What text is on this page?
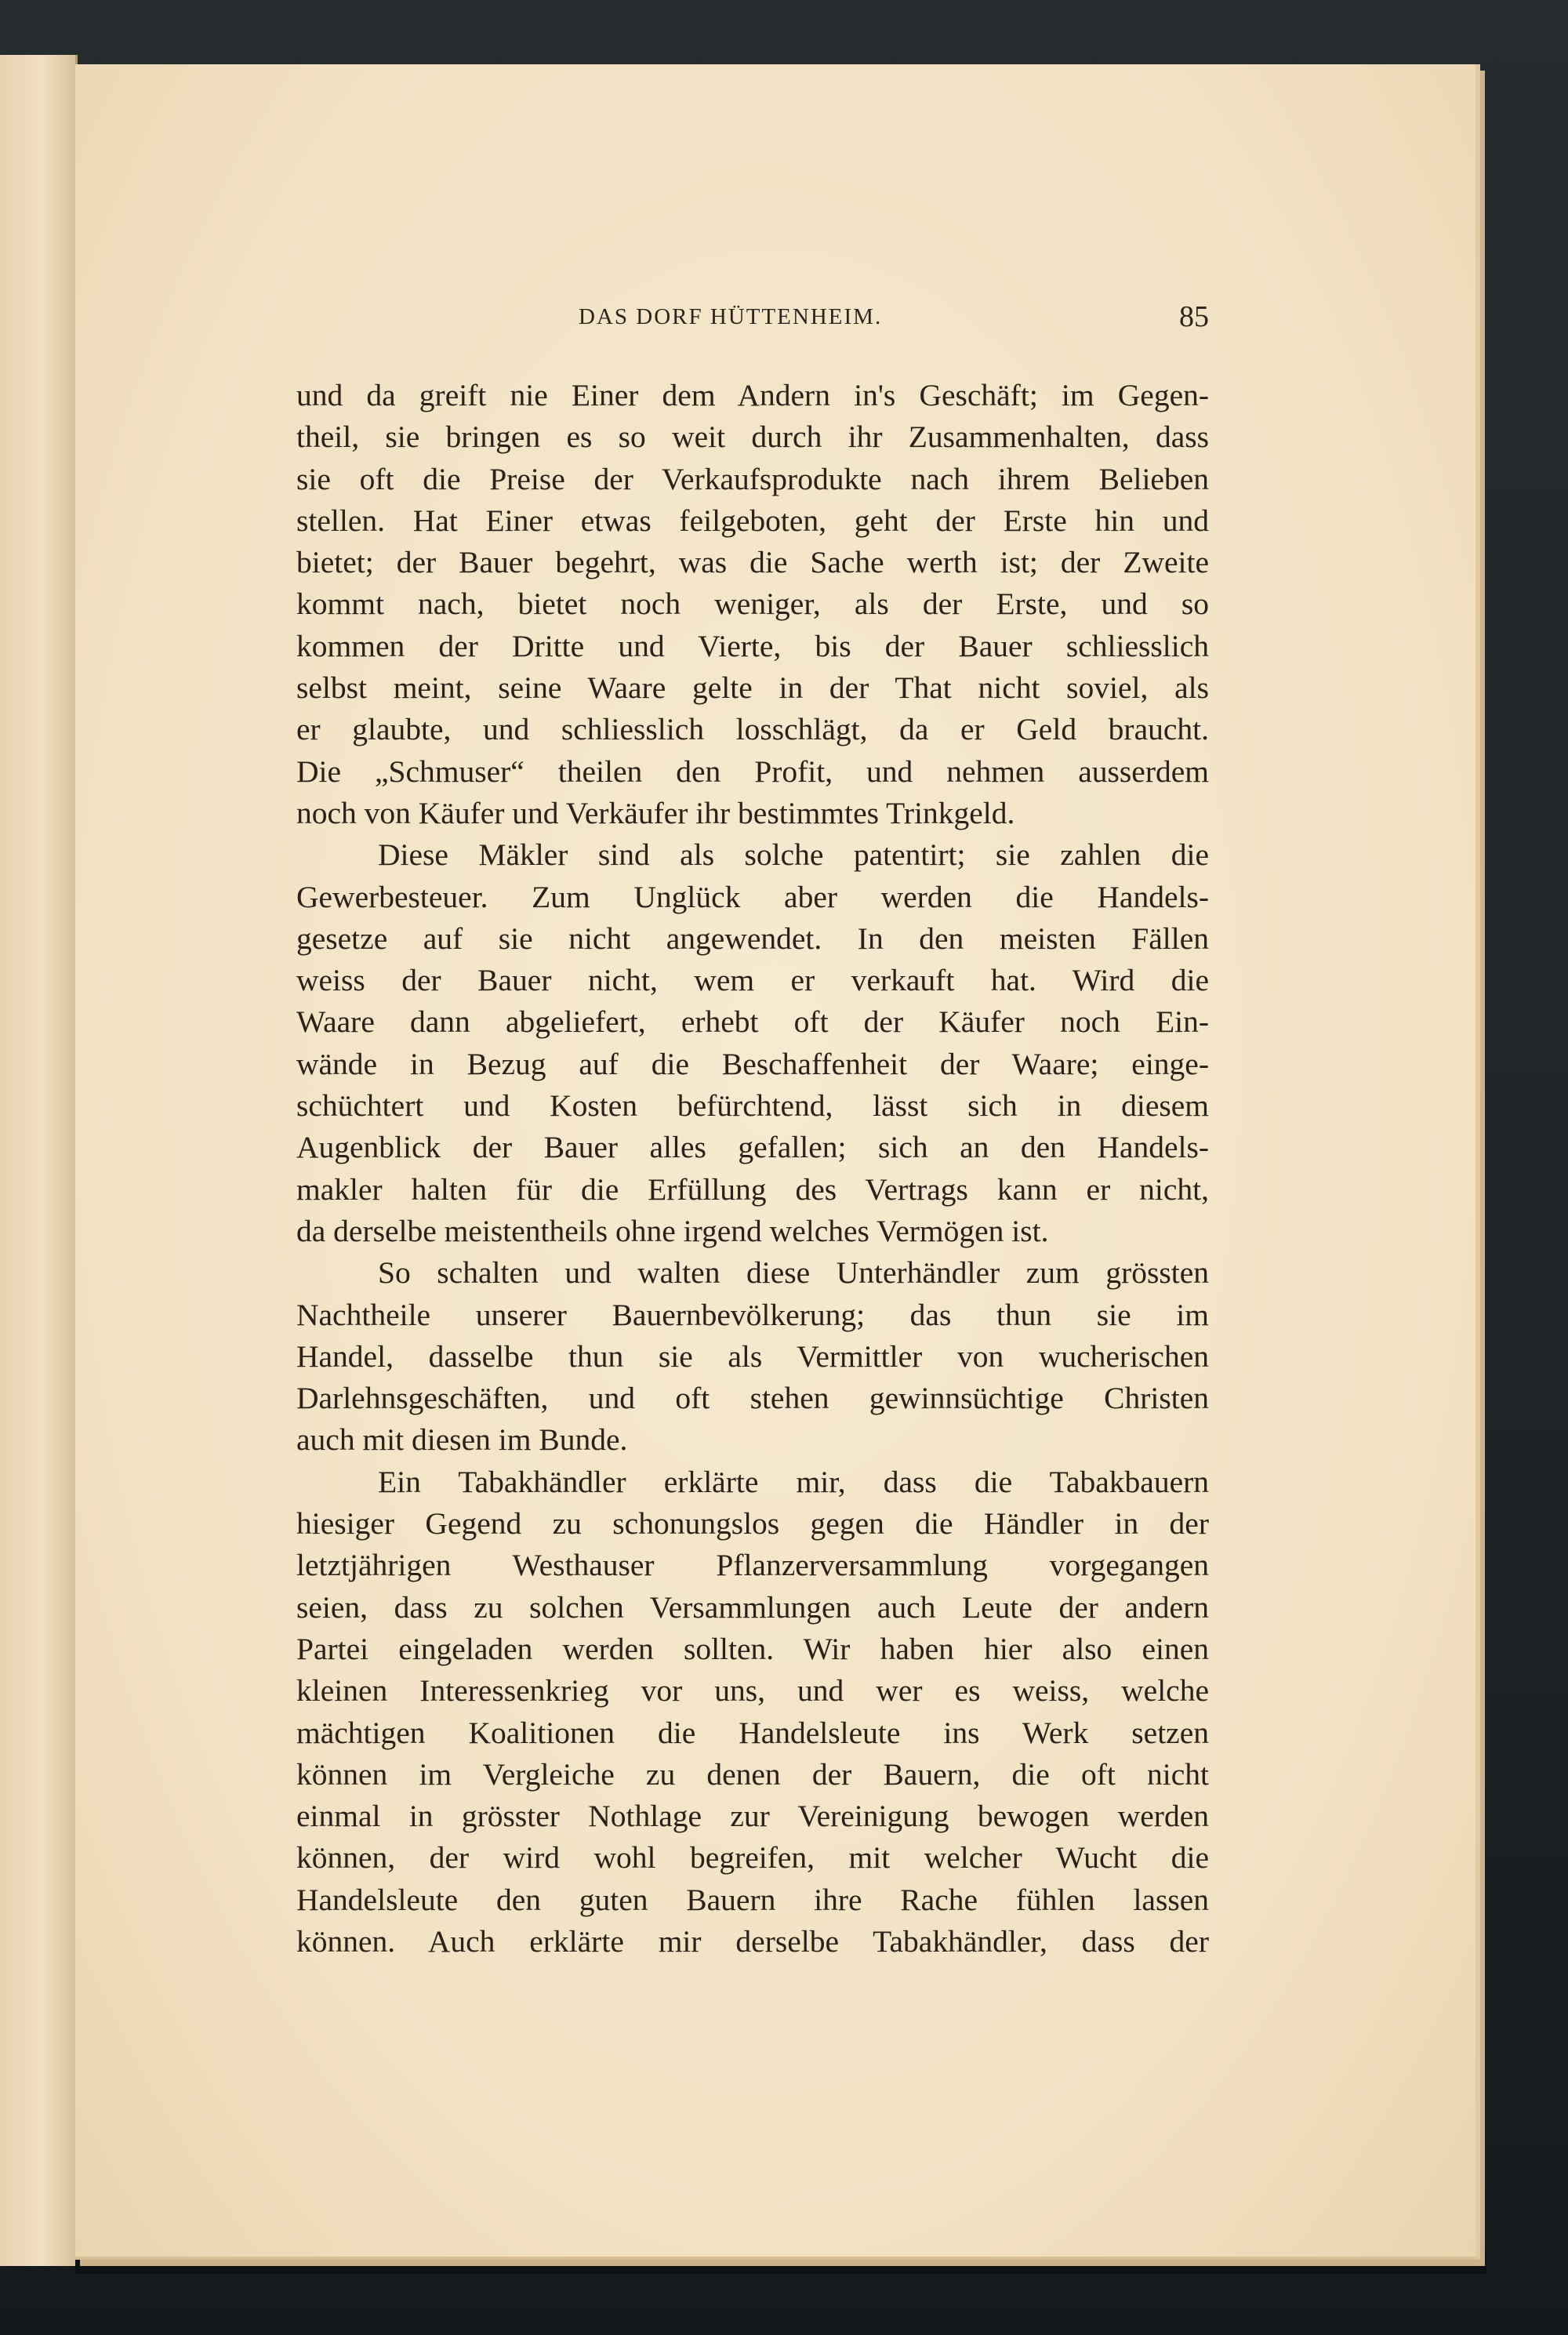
DAS DORF HÜTTENHEIM.	85
und da greift nie Einer dem Andern in's Geschäft; im Gegen-
theil, sie bringen es so weit durch ihr Zusammenhalten, dass
sie oft die Preise der Verkaufsprodukte nach ihrem Belieben
stellen. Hat Einer etwas feilgeboten, geht der Erste hin und
bietet; der Bauer begehrt, was die Sache werth ist; der Zweite
kommt nach, bietet noch weniger, als der Erste, und so
kommen der Dritte und Vierte, bis der Bauer schliesslich
selbst meint, seine Waare gelte in der That nicht soviel, als
er glaubte, und schliesslich losschlägt, da er Geld braucht.
Die „Schmuser“ theilen den Profit, und nehmen ausserdem
noch von Käufer und Verkäufer ihr bestimmtes Trinkgeld.
Diese Mäkler sind als solche patentirt; sie zahlen die
Gewerbesteuer. Zum Unglück aber werden die Handels-
gesetze auf sie nicht angewendet. In den meisten Fällen
weiss der Bauer nicht, wem er verkauft hat. Wird die
Waare dann abgeliefert, erhebt oft der Käufer noch Ein-
wände in Bezug auf die Beschaffenheit der Waare; einge-
schüchtert und Kosten befürchtend, lässt sich in diesem
Augenblick der Bauer alles gefallen; sich an den Handels-
makler halten für die Erfüllung des Vertrags kann er nicht,
da derselbe meistentheils ohne irgend welches Vermögen ist.
So schalten und walten diese Unterhändler zum grössten
Nachtheile unserer Bauernbevölkerung; das thun sie im
Handel, dasselbe thun sie als Vermittler von wucherischen
Darlehnsgeschäften, und oft stehen gewinnsüchtige Christen
auch mit diesen im Bunde.
Ein Tabakhändler erklärte mir, dass die Tabakbauern
hiesiger Gegend zu schonungslos gegen die Händler in der
letztjährigen Westhauser Pflanzerversammlung vorgegangen
seien, dass zu solchen Versammlungen auch Leute der andern
Partei eingeladen werden sollten. Wir haben hier also einen
kleinen Interessenkrieg vor uns, und wer es weiss, welche
mächtigen Koalitionen die Handelsleute ins Werk setzen
können im Vergleiche zu denen der Bauern, die oft nicht
einmal in grösster Nothlage zur Vereinigung bewogen werden
können, der wird wohl begreifen, mit welcher Wucht die
Handelsleute den guten Bauern ihre Rache fühlen lassen
können. Auch erklärte mir derselbe Tabakhändler, dass der
